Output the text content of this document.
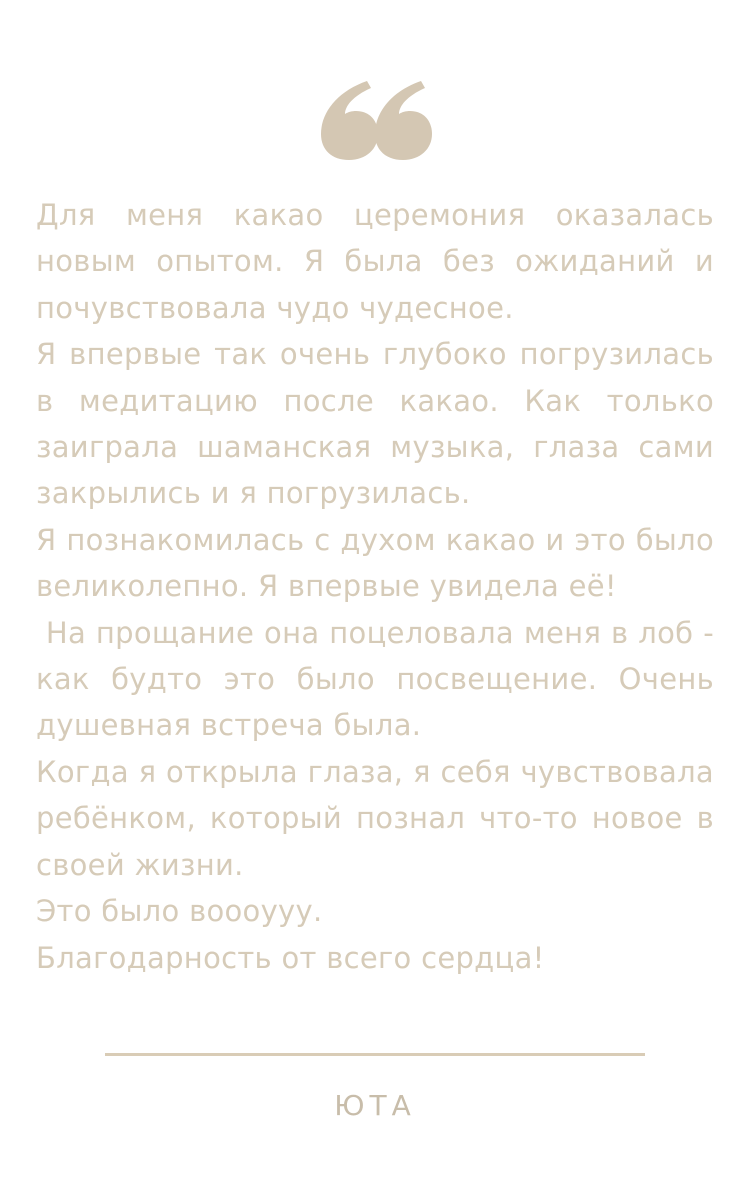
Для меня какао церемония оказалась новым опытом. Я была без ожиданий и почувствовала чудо чудесное.

Я впервые так очень глубоко погрузилась в медитацию после какао. Как только заиграла шаманская музыка, глаза сами закрылись и я погрузилась.

Я познакомилась с духом какао и это было великолепно. Я впервые увидела её!

На прощание она поцеловала меня в лоб - как будто это было посвещение. Очень душевная встреча была.

Когда я открыла глаза, я себя чувствовала ребёнком, который познал что-то новое в своей жизни.

Это было воооууу.

Благодарность от всего сердца!

ЮТА
